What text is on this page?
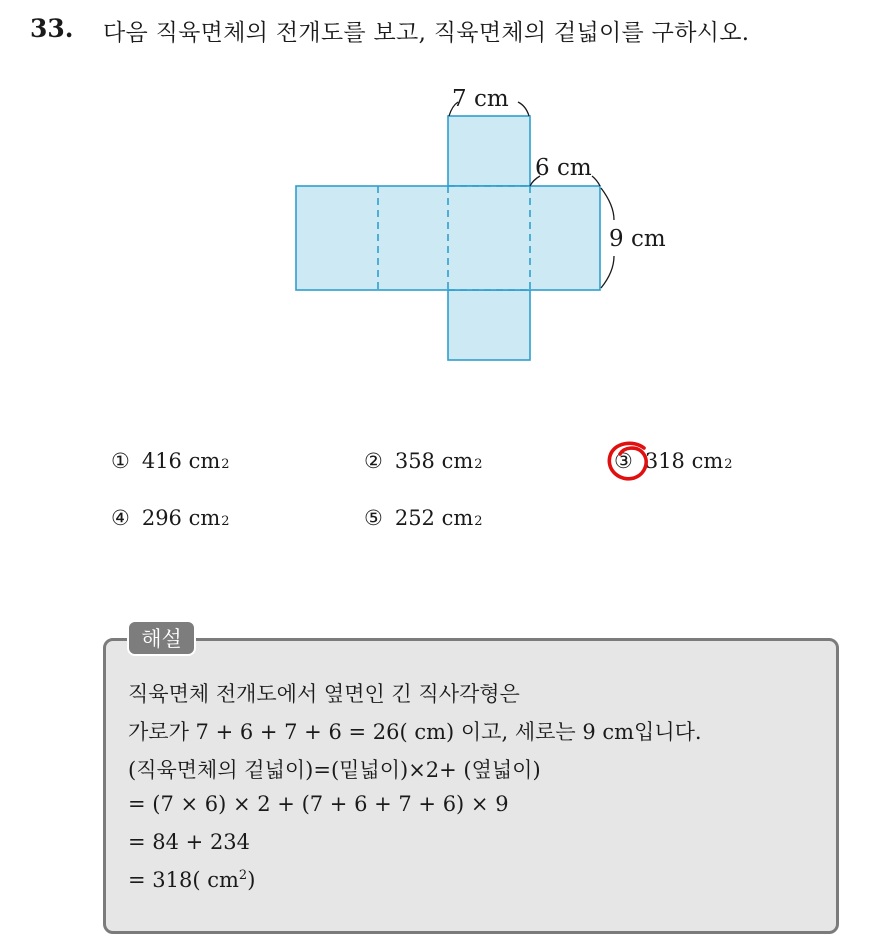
33. 다음 직육면체의 전개도를 보고, 직육면체의 겉넓이를 구하시오.
7 cm
6 cm
9 cm
① 416
cm 2	② 358
cm 2	③ 318
cm 2
④ 296
cm 2	⑤ 252
cm 2
해설
직육면체 전개도에서 옆면인 긴 직사각형은
가로가 7 + 6 + 7 + 6 = 26( cm) 이고, 세로는 9 cm입니다.
(직육면체의 겉넓이)=(밑넓이)×2+ (옆넓이)
= (7 × 6) × 2 + (7 + 6 + 7 + 6) × 9
= 84 + 234
= 318( $cm^2$)
